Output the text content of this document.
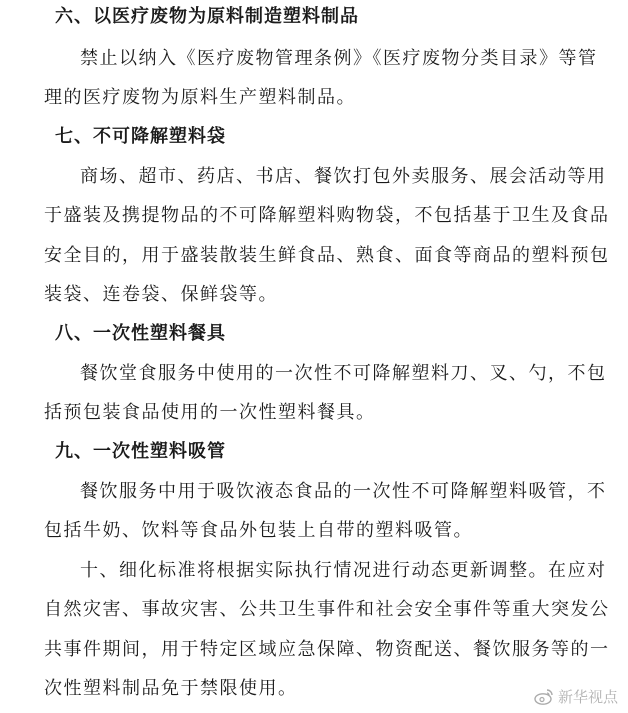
六、以医疗废物为原料制造塑料制品
禁止以纳入《医疗废物管理条例》《医疗废物分类目录》等管
理的医疗废物为原料生产塑料制品。
七、不可降解塑料袋
商场、超市、药店、书店、餐饮打包外卖服务、展会活动等用
于盛装及携提物品的不可降解塑料购物袋，不包括基于卫生及食品
安全目的，用于盛装散装生鲜食品、熟食、面食等商品的塑料预包
装袋、连卷袋、保鲜袋等。
八、一次性塑料餐具
餐饮堂食服务中使用的一次性不可降解塑料刀、叉、勺，不包
括预包装食品使用的一次性塑料餐具。
九、一次性塑料吸管
餐饮服务中用于吸饮液态食品的一次性不可降解塑料吸管，不
包括牛奶、饮料等食品外包装上自带的塑料吸管。
十、细化标准将根据实际执行情况进行动态更新调整。在应对
自然灾害、事故灾害、公共卫生事件和社会安全事件等重大突发公
共事件期间，用于特定区域应急保障、物资配送、餐饮服务等的一
次性塑料制品免于禁限使用。	新华视点
